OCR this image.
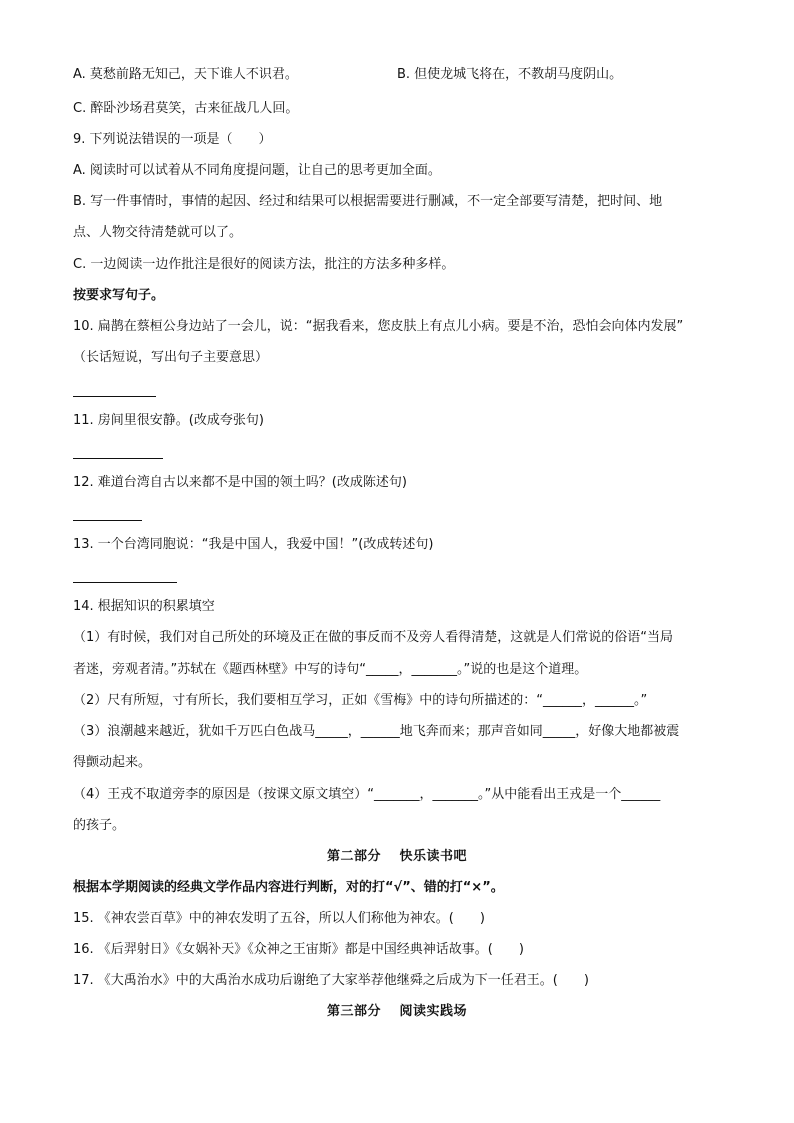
A. 莫愁前路无知己，天下谁人不识君。	B. 但使龙城飞将在，不教胡马度阴山。
C. 醉卧沙场君莫笑，古来征战几人回。
9. 下列说法错误的一项是（　　）
A. 阅读时可以试着从不同角度提问题，让自己的思考更加全面。
B. 写一件事情时，事情的起因、经过和结果可以根据需要进行删减，不一定全部要写清楚，把时间、地
点、人物交待清楚就可以了。
C. 一边阅读一边作批注是很好的阅读方法，批注的方法多种多样。
按要求写句子。
10. 扁鹊在蔡桓公身边站了一会儿，说：“据我看来，您皮肤上有点儿小病。要是不治，恐怕会向体内发展”
（长话短说，写出句子主要意思）
11. 房间里很安静。(改成夸张句)
12. 难道台湾自古以来都不是中国的领土吗？(改成陈述句)
13. 一个台湾同胞说：“我是中国人，我爱中国！”(改成转述句)
14. 根据知识的积累填空
（1）有时候，我们对自己所处的环境及正在做的事反而不及旁人看得清楚，这就是人们常说的俗语“当局
者迷，旁观者清。”苏轼在《题西林壁》中写的诗句“_____，_______。”说的也是这个道理。
（2）尺有所短，寸有所长，我们要相互学习，正如《雪梅》中的诗句所描述的：“______，______。”
（3）浪潮越来越近，犹如千万匹白色战马_____，______地飞奔而来；那声音如同_____，好像大地都被震
得颤动起来。
（4）王戎不取道旁李的原因是（按课文原文填空）“_______，_______。”从中能看出王戎是一个______
的孩子。
第二部分　 快乐读书吧
根据本学期阅读的经典文学作品内容进行判断，对的打“√”、错的打“×”。
15. 《神农尝百草》中的神农发明了五谷，所以人们称他为神农。(　　)
16. 《后羿射日》《女娲补天》《众神之王宙斯》都是中国经典神话故事。(　　)
17. 《大禹治水》中的大禹治水成功后谢绝了大家举荐他继舜之后成为下一任君王。(　　)
第三部分　 阅读实践场
